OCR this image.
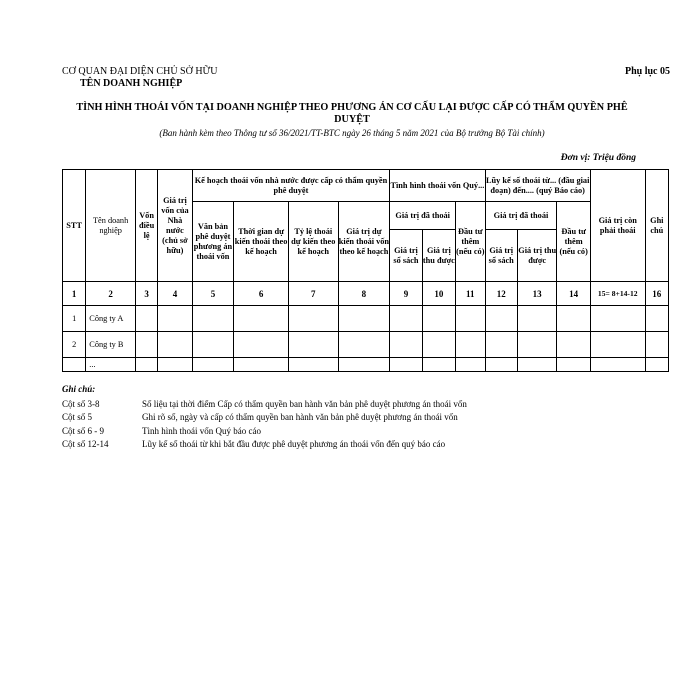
CƠ QUAN ĐẠI DIỆN CHỦ SỞ HỮU
TÊN DOANH NGHIỆP
Phụ lục 05
TÌNH HÌNH THOÁI VỐN TẠI DOANH NGHIỆP THEO PHƯƠNG ÁN CƠ CẤU LẠI ĐƯỢC CẤP CÓ THẨM QUYỀN PHÊ DUYỆT
(Ban hành kèm theo Thông tư số 36/2021/TT-BTC ngày 26 tháng 5 năm 2021 của Bộ trưởng Bộ Tài chính)
Đơn vị: Triệu đồng
STT	Tên doanh nghiệp	Vốn điều lệ	Giá trị vốn của Nhà nước (chủ sở hữu)	Kế hoạch thoái vốn nhà nước được cấp có thẩm quyền phê duyệt				Tình hình thoái vốn Quý...			Lũy kế số thoái từ... (đầu giai đoạn) đến.... (quý Báo cáo)			Giá trị còn phải thoái	Ghi chú
				Văn bản phê duyệt phương án thoái vốn	Thời gian dự kiến thoái theo kế hoạch	Tỷ lệ thoái dự kiến theo kế hoạch	Giá trị dự kiến thoái vốn theo kế hoạch	Giá trị đã thoái		Đầu tư thêm (nếu có)	Giá trị đã thoái		Đầu tư thêm (nếu có)		
								Giá trị sổ sách	Giá trị thu được		Giá trị sổ sách	Giá trị thu được			
1	2	3	4	5	6	7	8	9	10	11	12	13	14	15= 8+14-12	16
1	Công ty A														
2	Công ty B														
	...														
Ghi chú:
Cột số 3-8	Số liệu tại thời điểm Cấp có thẩm quyền ban hành văn bản phê duyệt phương án thoái vốn
Cột số 5	Ghi rõ số, ngày và cấp có thẩm quyền ban hành văn bản phê duyệt phương án thoái vốn
Cột số 6 - 9	Tình hình thoái vốn Quý báo cáo
Cột số 12-14	Lũy kế số thoái từ khi bắt đầu được phê duyệt phương án thoái vốn đến quý báo cáo
